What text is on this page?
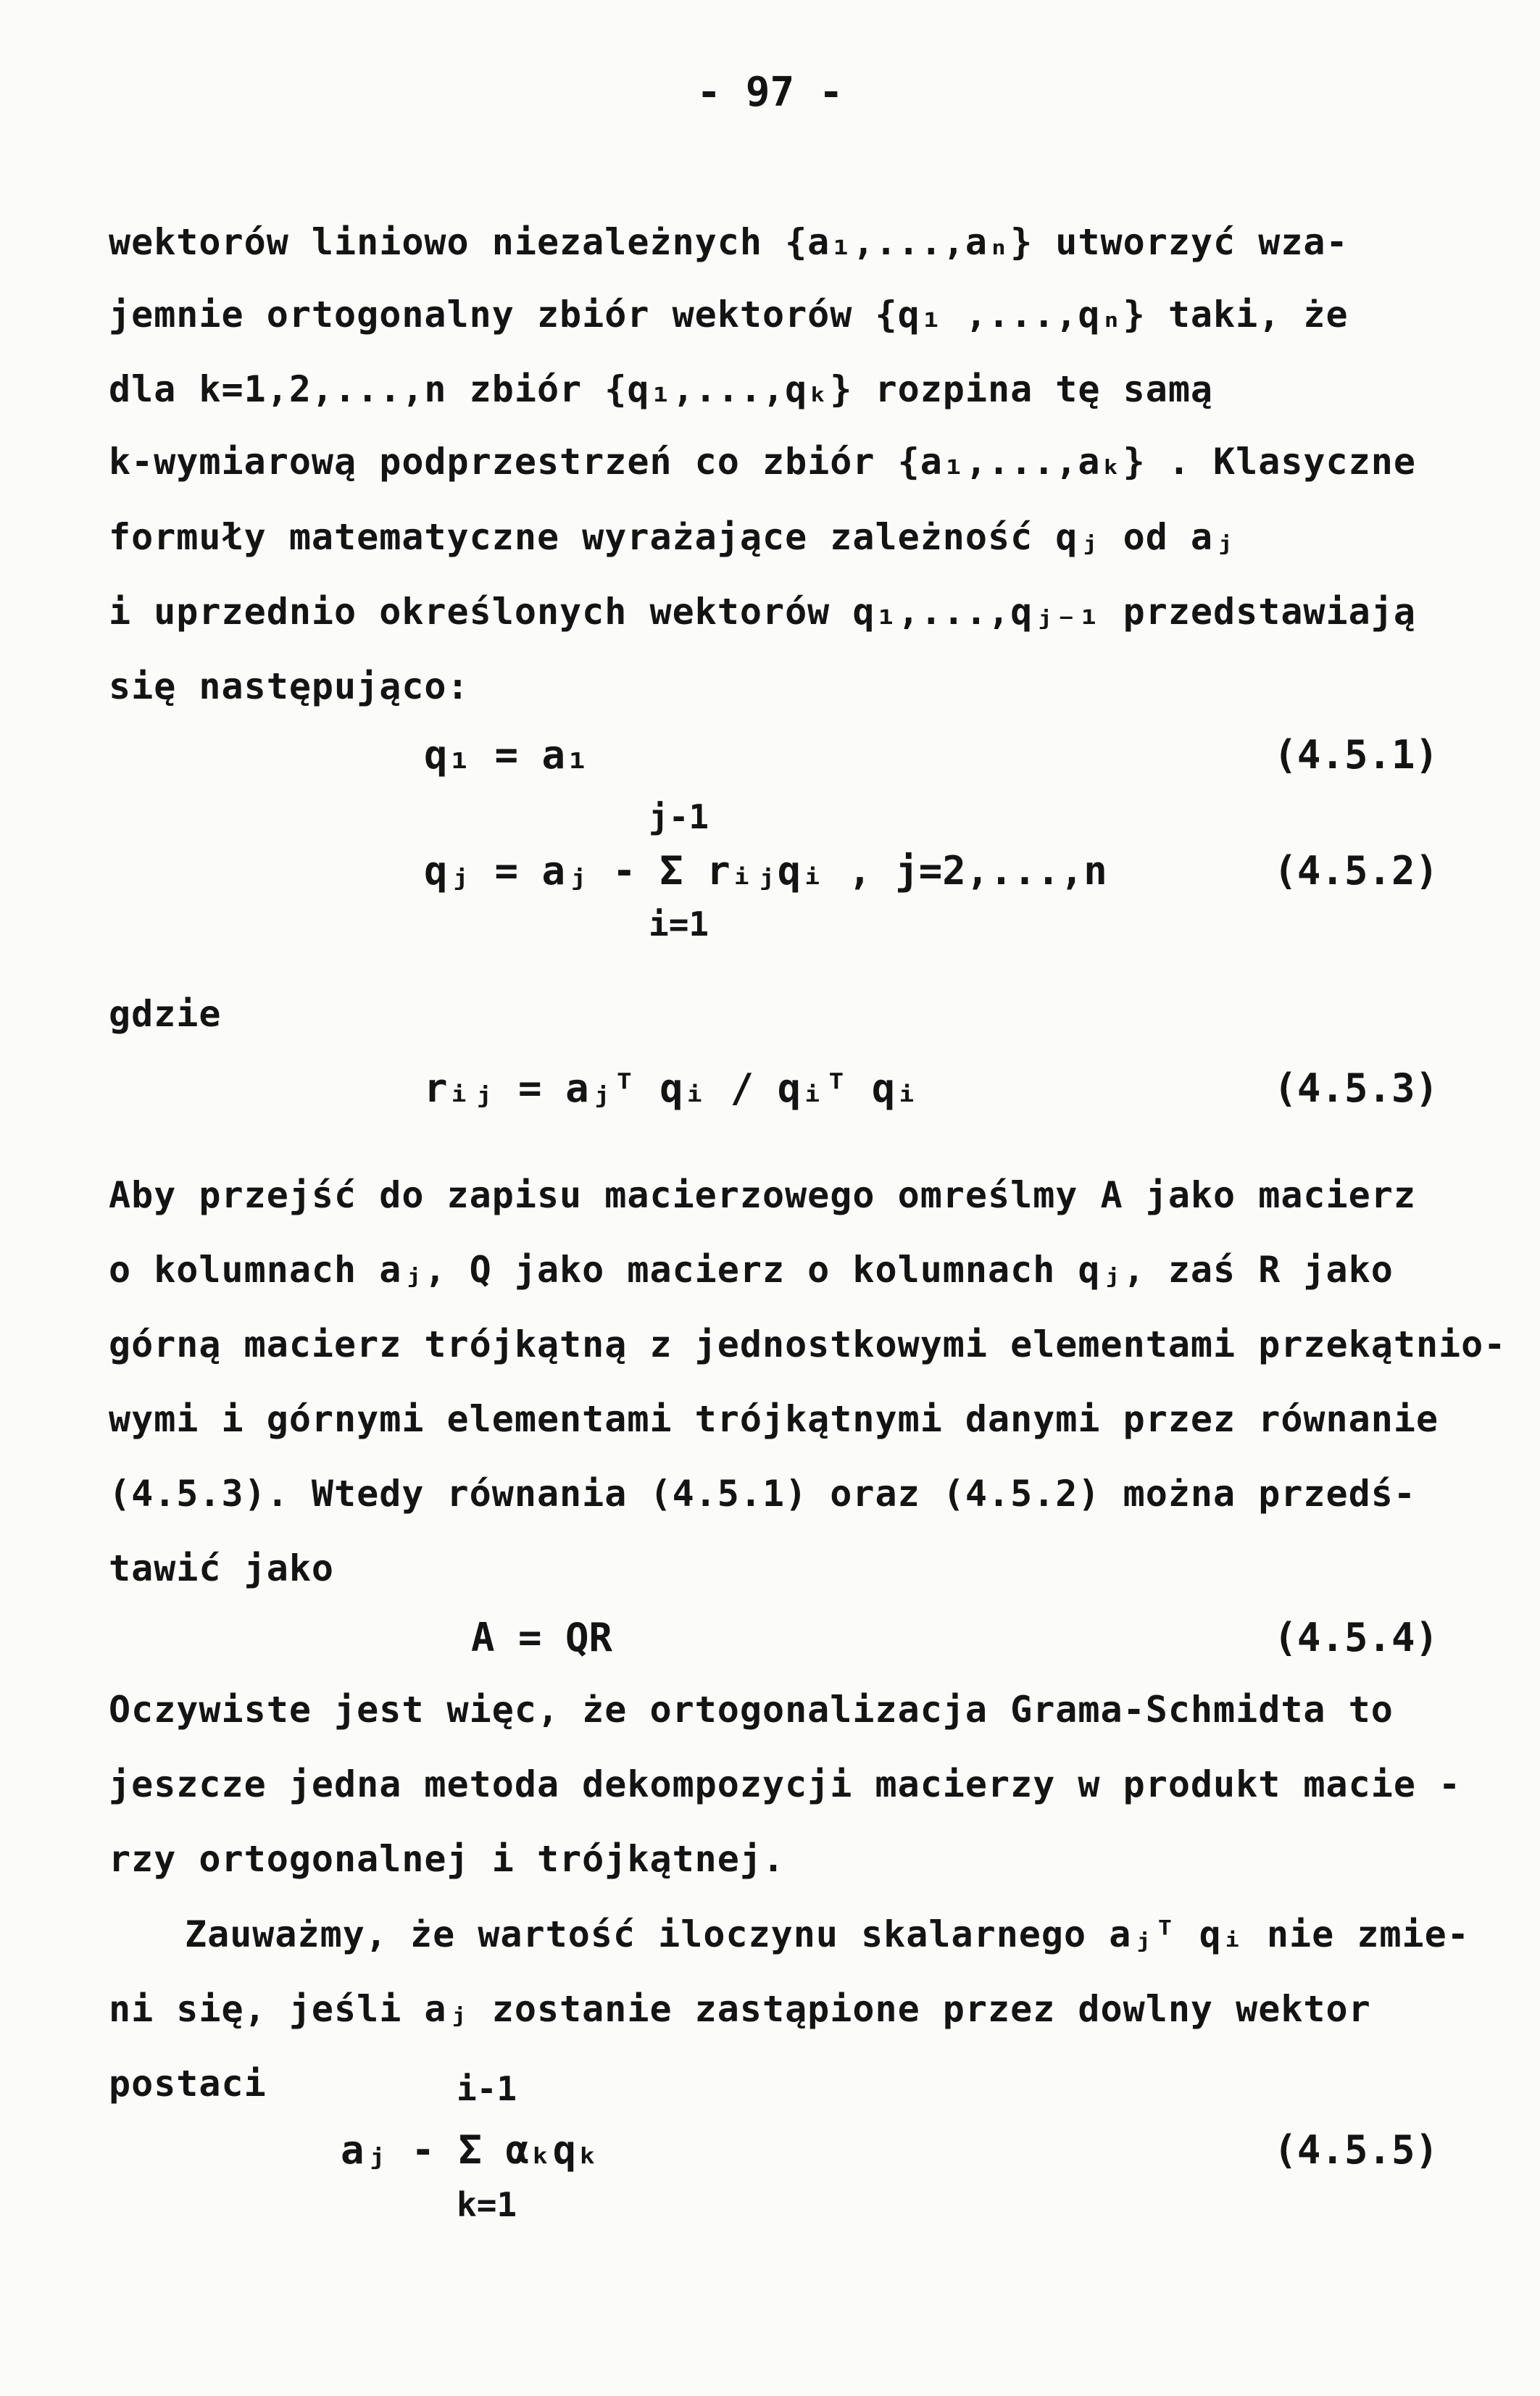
- 97 -
wektorów liniowo niezależnych {a₁,...,aₙ} utworzyć wza-
jemnie ortogonalny zbiór wektorów {q₁ ,...,qₙ} taki, że
dla k=1,2,...,n zbiór {q₁,...,qₖ} rozpina tę samą
k-wymiarową podprzestrzeń co zbiór {a₁,...,aₖ} . Klasyczne
formuły matematyczne wyrażające zależność qⱼ od aⱼ
i uprzednio określonych wektorów q₁,...,qⱼ₋₁ przedstawiają
się następująco:
q₁ = a₁	(4.5.1)
j-1
qⱼ = aⱼ - Σ rᵢⱼqᵢ , j=2,...,n
i=1
(4.5.2)
gdzie
rᵢⱼ = aⱼᵀ qᵢ / qᵢᵀ qᵢ	(4.5.3)
Aby przejść do zapisu macierzowego omreślmy A jako macierz
o kolumnach aⱼ, Q jako macierz o kolumnach qⱼ, zaś R jako
górną macierz trójkątną z jednostkowymi elementami przekątnio-
wymi i górnymi elementami trójkątnymi danymi przez równanie
(4.5.3). Wtedy równania (4.5.1) oraz (4.5.2) można przedś-
tawić jako
A = QR	(4.5.4)
Oczywiste jest więc, że ortogonalizacja Grama-Schmidta to
jeszcze jedna metoda dekompozycji macierzy w produkt macie -
rzy ortogonalnej i trójkątnej.
Zauważmy, że wartość iloczynu skalarnego aⱼᵀ qᵢ nie zmie-
ni się, jeśli aⱼ zostanie zastąpione przez dowlny wektor
postaci	i-1
aⱼ - Σ αₖqₖ
k=1
(4.5.5)
